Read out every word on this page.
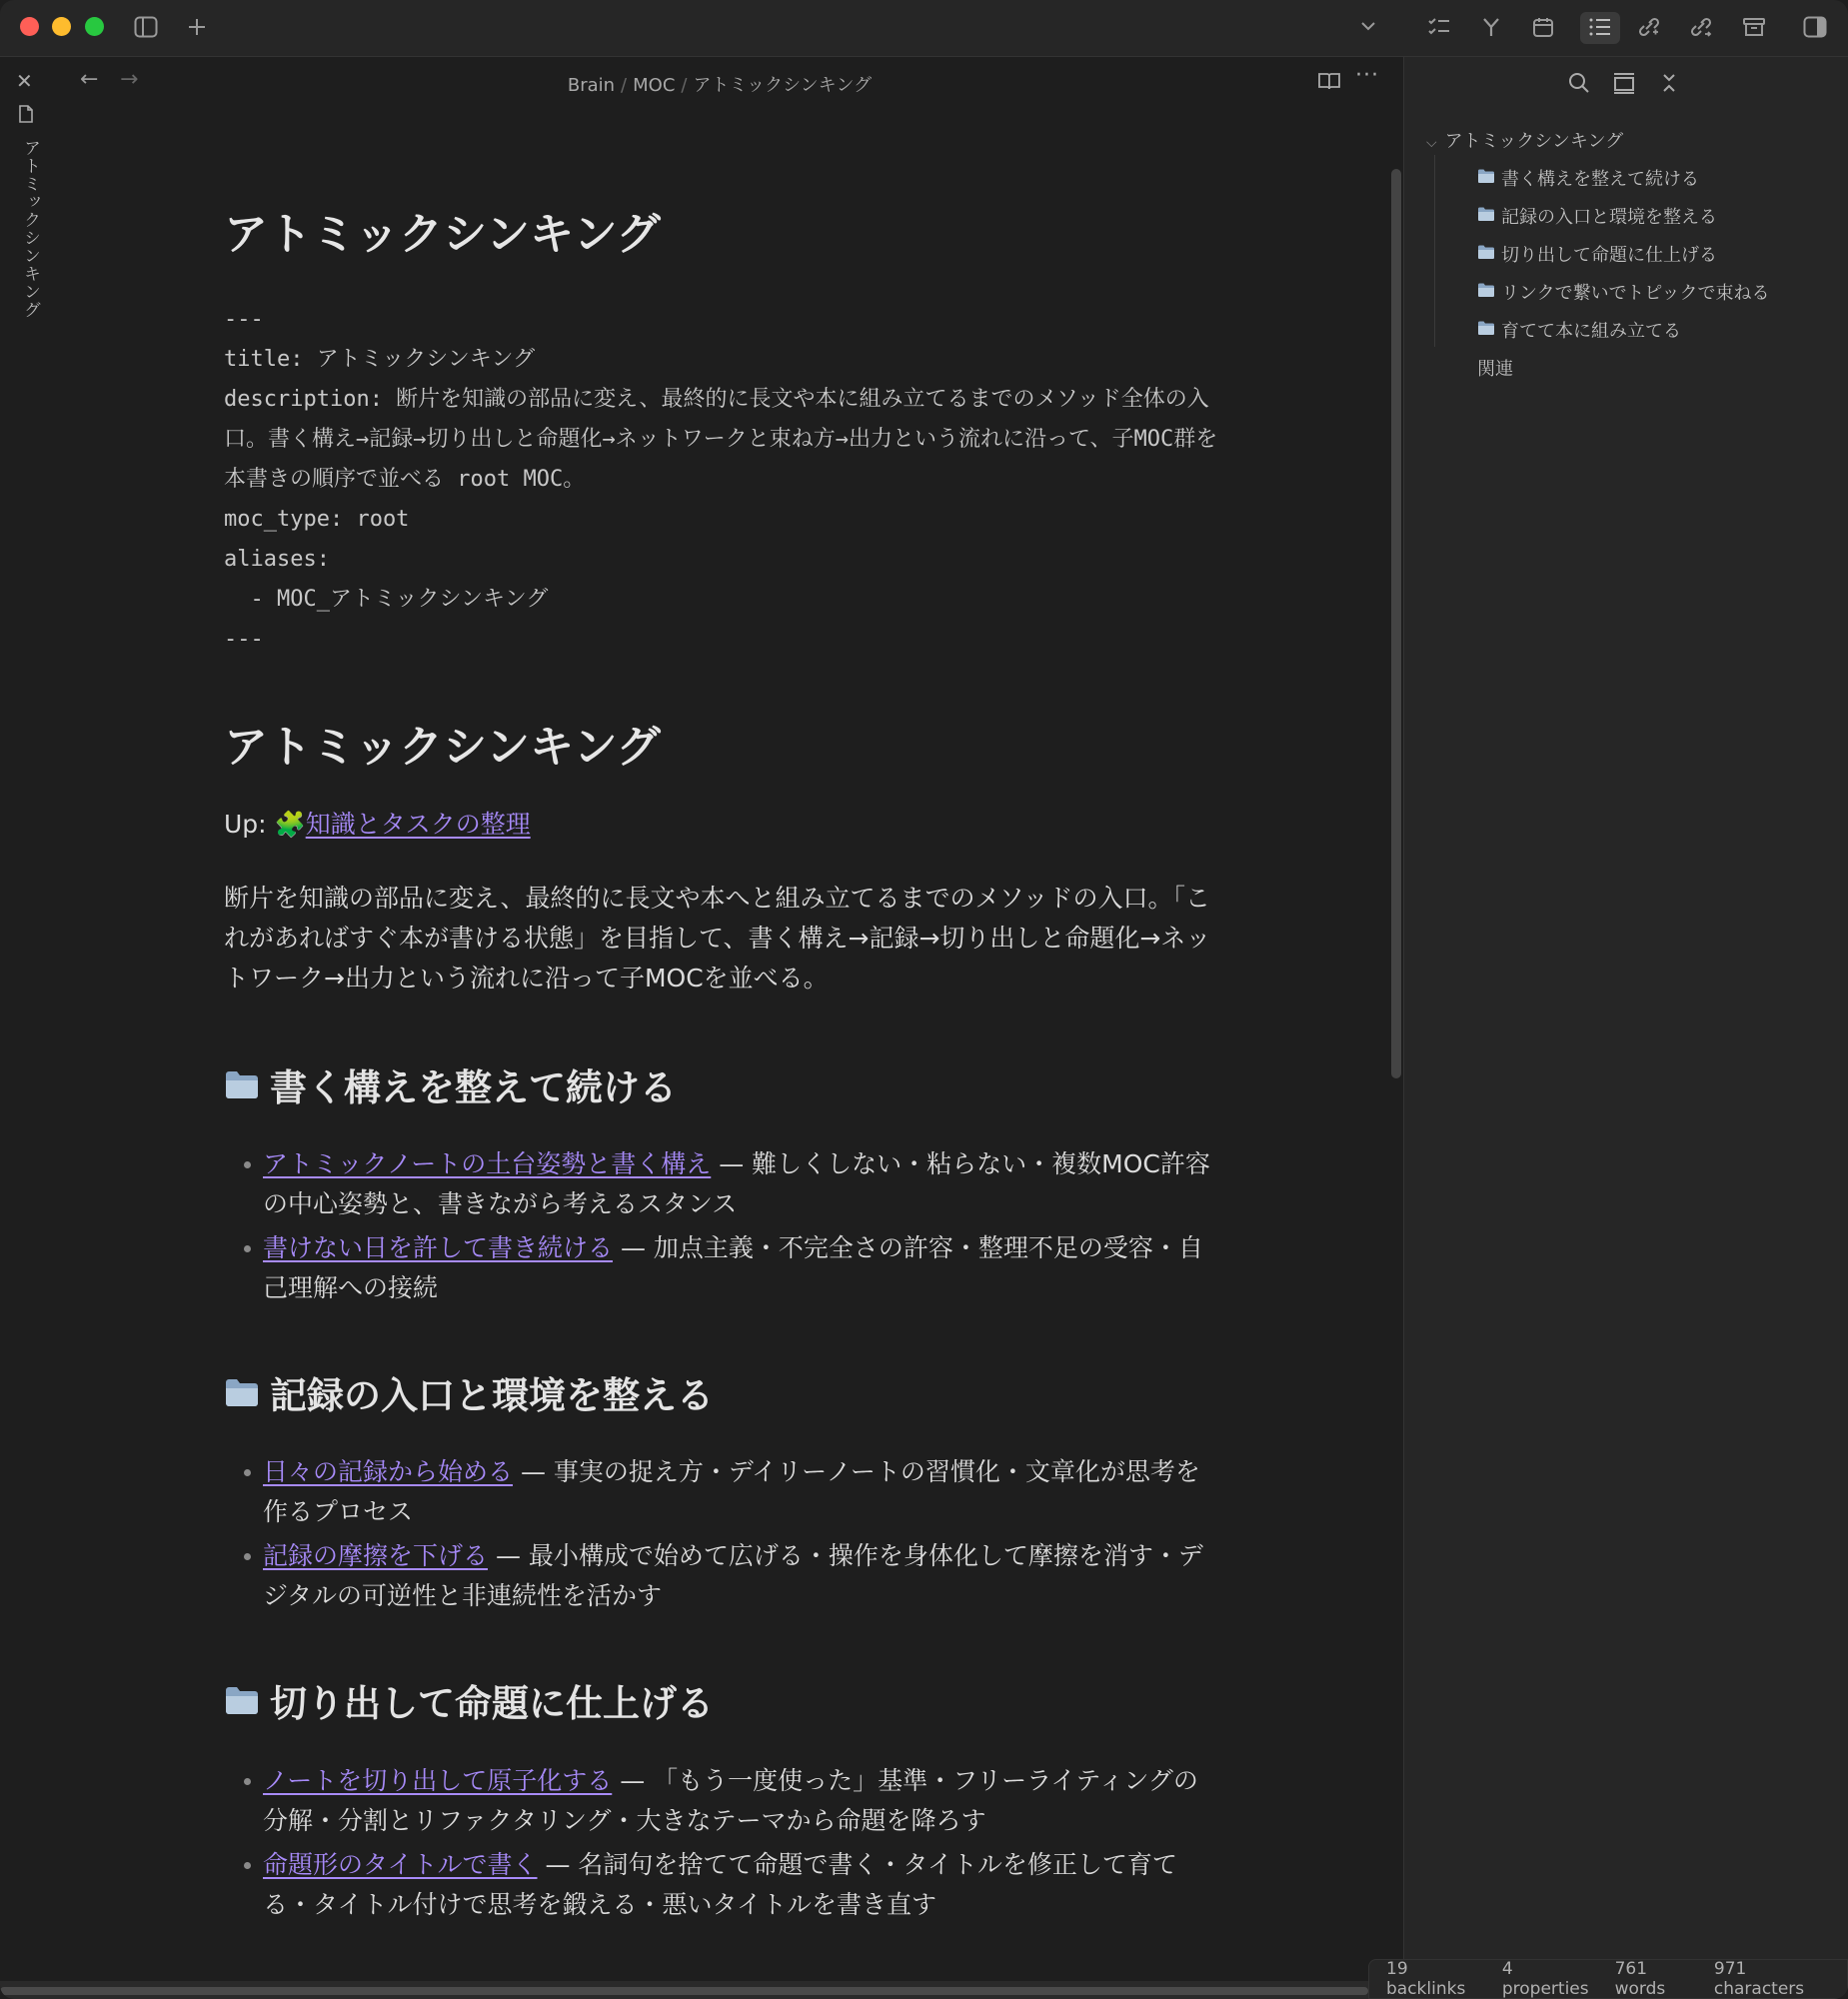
✕
アトミックシンキング
← →	Brain / MOC / アトミックシンキング	···
アトミックシンキング
---
title: アトミックシンキング
description: 断片を知識の部品に変え、最終的に長文や本に組み立てるまでのメソッド全体の入口。書く構え→記録→切り出しと命題化→ネットワークと束ね方→出力という流れに沿って、子MOC群を本書きの順序で並べる root MOC。
moc_type: root
aliases:
- MOC_アトミックシンキング
---
アトミックシンキング
Up: 🧩知識とタスクの整理

断片を知識の部品に変え、最終的に長文や本へと組み立てるまでのメソッドの入口。「これがあればすぐ本が書ける状態」を目指して、書く構え→記録→切り出しと命題化→ネットワーク→出力という流れに沿って子MOCを並べる。

書く構えを整えて続ける
アトミックノートの土台姿勢と書く構え — 難しくしない・粘らない・複数MOC許容の中心姿勢と、書きながら考えるスタンス
書けない日を許して書き続ける — 加点主義・不完全さの許容・整理不足の受容・自己理解への接続
記録の入口と環境を整える
日々の記録から始める — 事実の捉え方・デイリーノートの習慣化・文章化が思考を作るプロセス
記録の摩擦を下げる — 最小構成で始めて広げる・操作を身体化して摩擦を消す・デジタルの可逆性と非連続性を活かす
切り出して命題に仕上げる
ノートを切り出して原子化する — 「もう一度使った」基準・フリーライティングの分解・分割とリファクタリング・大きなテーマから命題を降ろす
命題形のタイトルで書く — 名詞句を捨てて命題で書く・タイトルを修正して育てる・タイトル付けで思考を鍛える・悪いタイトルを書き直す
⌵ アトミックシンキング
書く構えを整えて続ける
記録の入口と環境を整える
切り出して命題に仕上げる
リンクで繋いでトピックで束ねる
育てて本に組み立てる
関連
19 backlinks
4 properties
761 words
971 characters
